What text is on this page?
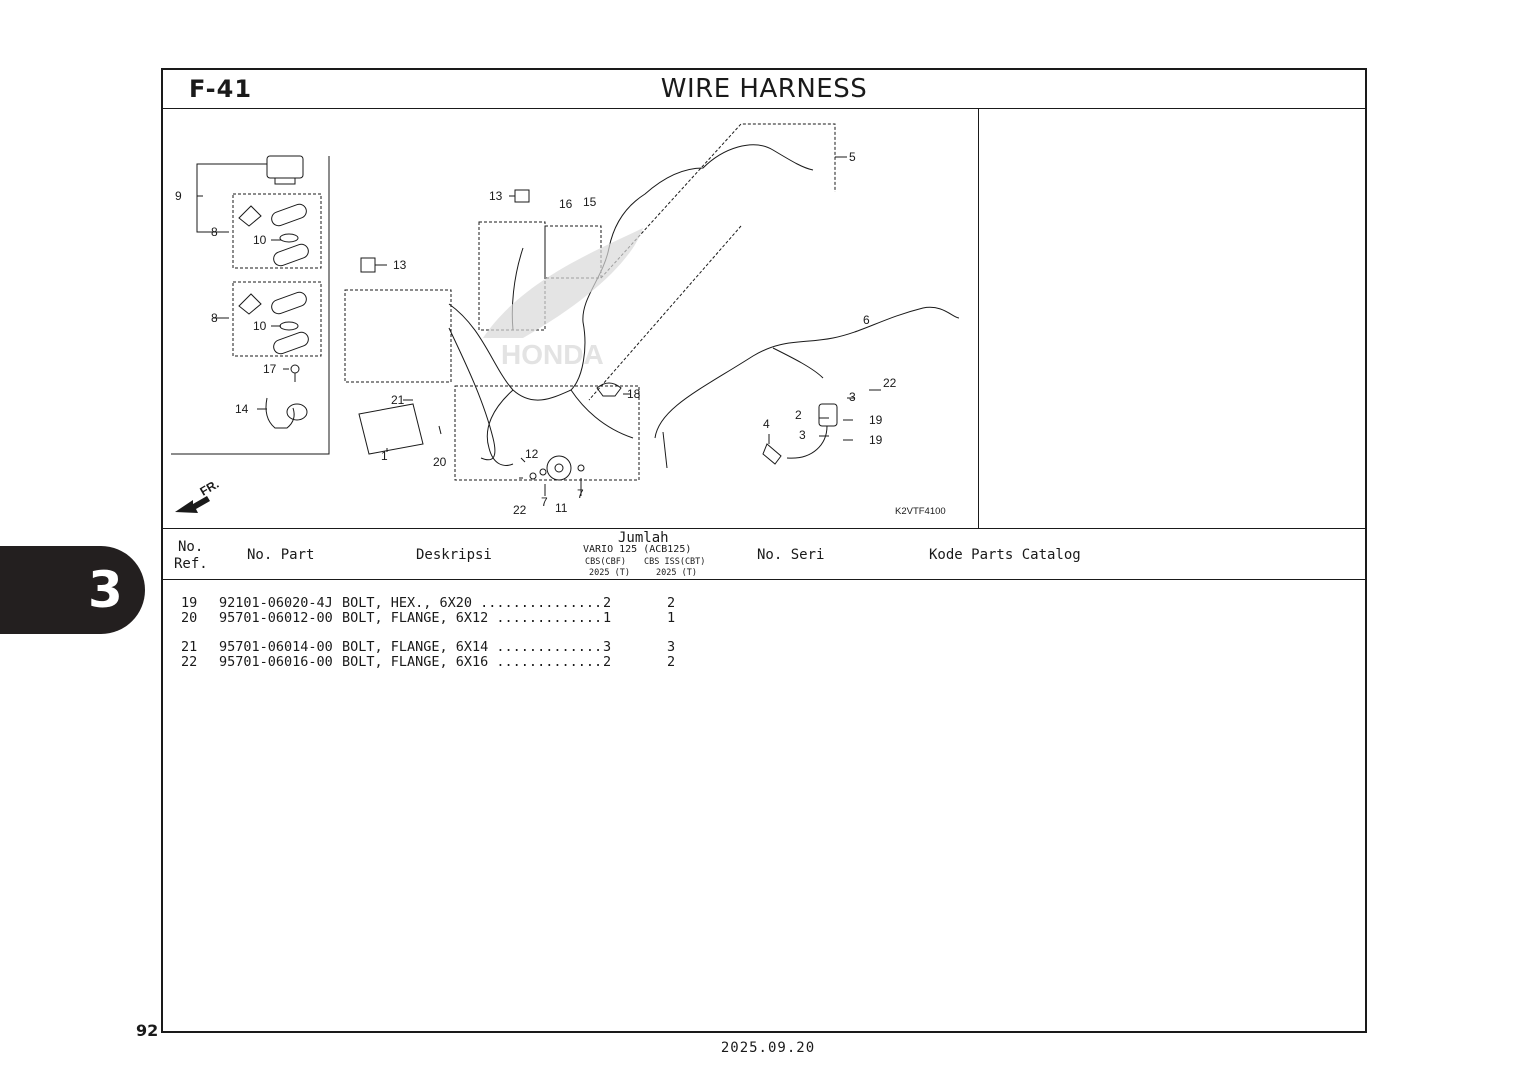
3
F-41	WIRE HARNESS
HONDA
FR.
K2VTF4100
9
8
10
8
10
17
14
13
13
16 15
5
21
1	20
12
22
7 11
7
18
6
22
3
2	19
3	19
4
No.
Ref.
No. Part	Deskripsi
Jumlah
VARIO 125 (ACB125)
CBS(CBF) CBS ISS(CBT)
2025 (T)	2025 (T)
No. Seri	Kode Parts Catalog
19 92101-06020-4J BOLT, HEX., 6X20 ............... 2	2
20 95701-06012-00 BOLT, FLANGE, 6X12 ............. 1	1
21 95701-06014-00 BOLT, FLANGE, 6X14 ............. 3	3
22 95701-06016-00 BOLT, FLANGE, 6X16 ............. 2	2
92
2025.09.20
